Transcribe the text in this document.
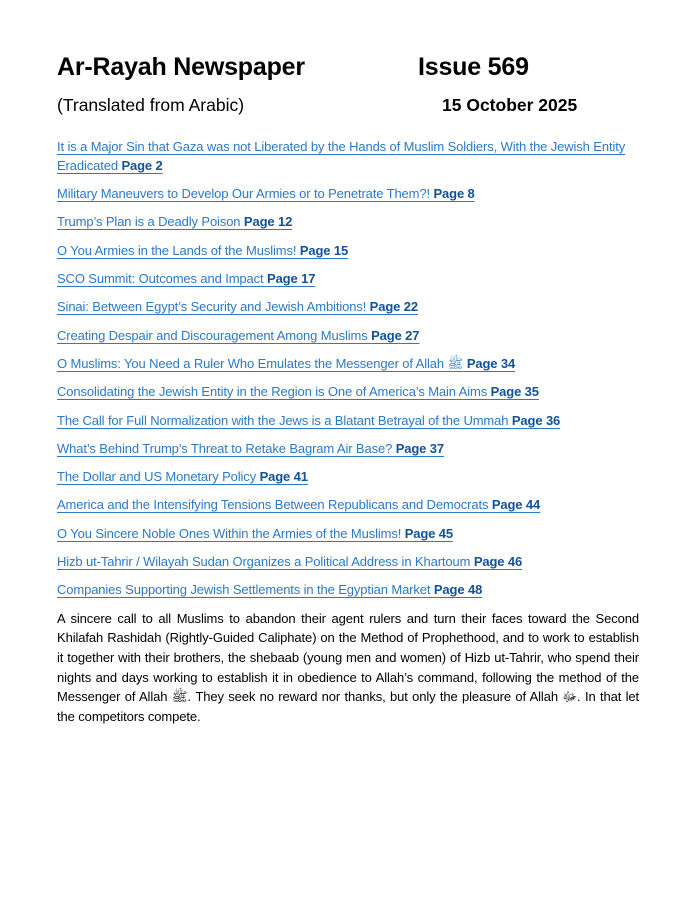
Ar-Rayah Newspaper	Issue 569
(Translated from Arabic)	15 October 2025
It is a Major Sin that Gaza was not Liberated by the Hands of Muslim Soldiers, With the Jewish Entity Eradicated Page 2
Military Maneuvers to Develop Our Armies or to Penetrate Them?! Page 8
Trump’s Plan is a Deadly Poison Page 12
O You Armies in the Lands of the Muslims! Page 15
SCO Summit: Outcomes and Impact Page 17
Sinai: Between Egypt’s Security and Jewish Ambitions! Page 22
Creating Despair and Discouragement Among Muslims Page 27
O Muslims: You Need a Ruler Who Emulates the Messenger of Allah ﷺ Page 34
Consolidating the Jewish Entity in the Region is One of America’s Main Aims Page 35
The Call for Full Normalization with the Jews is a Blatant Betrayal of the Ummah Page 36
What’s Behind Trump’s Threat to Retake Bagram Air Base? Page 37
The Dollar and US Monetary Policy Page 41
America and the Intensifying Tensions Between Republicans and Democrats Page 44
O You Sincere Noble Ones Within the Armies of the Muslims! Page 45
Hizb ut-Tahrir / Wilayah Sudan Organizes a Political Address in Khartoum Page 46
Companies Supporting Jewish Settlements in the Egyptian Market Page 48

A sincere call to all Muslims to abandon their agent rulers and turn their faces toward the Second Khilafah Rashidah (Rightly-Guided Caliphate) on the Method of Prophethood, and to work to establish it together with their brothers, the shebaab (young men and women) of Hizb ut-Tahrir, who spend their nights and days working to establish it in obedience to Allah’s command, following the method of the Messenger of Allah ﷺ. They seek no reward nor thanks, but only the pleasure of Allah ﷻ. In that let the competitors compete.
